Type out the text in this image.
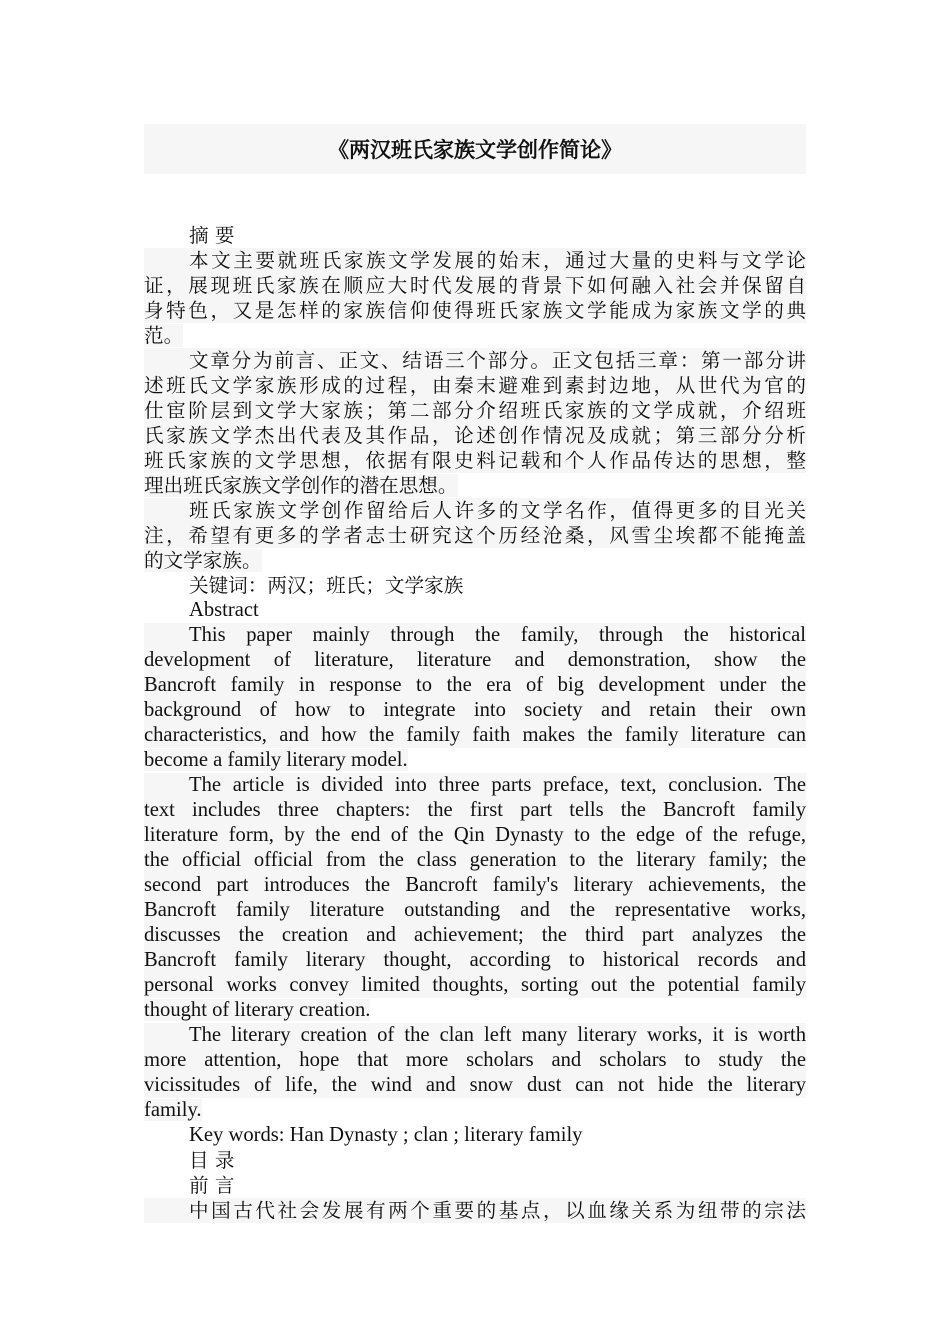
《两汉班氏家族文学创作简论》
摘 要
本文主要就班氏家族文学发展的始末，通过大量的史料与文学论
证，展现班氏家族在顺应大时代发展的背景下如何融入社会并保留自
身特色，又是怎样的家族信仰使得班氏家族文学能成为家族文学的典
范。
文章分为前言、正文、结语三个部分。正文包括三章：第一部分讲
述班氏文学家族形成的过程，由秦末避难到素封边地，从世代为官的
仕宦阶层到文学大家族；第二部分介绍班氏家族的文学成就，介绍班
氏家族文学杰出代表及其作品，论述创作情况及成就；第三部分分析
班氏家族的文学思想，依据有限史料记载和个人作品传达的思想，整
理出班氏家族文学创作的潜在思想。
班氏家族文学创作留给后人许多的文学名作，值得更多的目光关
注，希望有更多的学者志士研究这个历经沧桑，风雪尘埃都不能掩盖
的文学家族。
关键词：两汉；班氏；文学家族
Abstract
This paper mainly through the family, through the historical
development of literature, literature and demonstration, show the
Bancroft family in response to the era of big development under the
background of how to integrate into society and retain their own
characteristics, and how the family faith makes the family literature can
become a family literary model.
The article is divided into three parts preface, text, conclusion. The
text includes three chapters: the first part tells the Bancroft family
literature form, by the end of the Qin Dynasty to the edge of the refuge,
the official official from the class generation to the literary family; the
second part introduces the Bancroft family's literary achievements, the
Bancroft family literature outstanding and the representative works,
discusses the creation and achievement; the third part analyzes the
Bancroft family literary thought, according to historical records and
personal works convey limited thoughts, sorting out the potential family
thought of literary creation.
The literary creation of the clan left many literary works, it is worth
more attention, hope that more scholars and scholars to study the
vicissitudes of life, the wind and snow dust can not hide the literary
family.
Key words: Han Dynasty ; clan ; literary family
目 录
前 言
中国古代社会发展有两个重要的基点，以血缘关系为纽带的宗法
